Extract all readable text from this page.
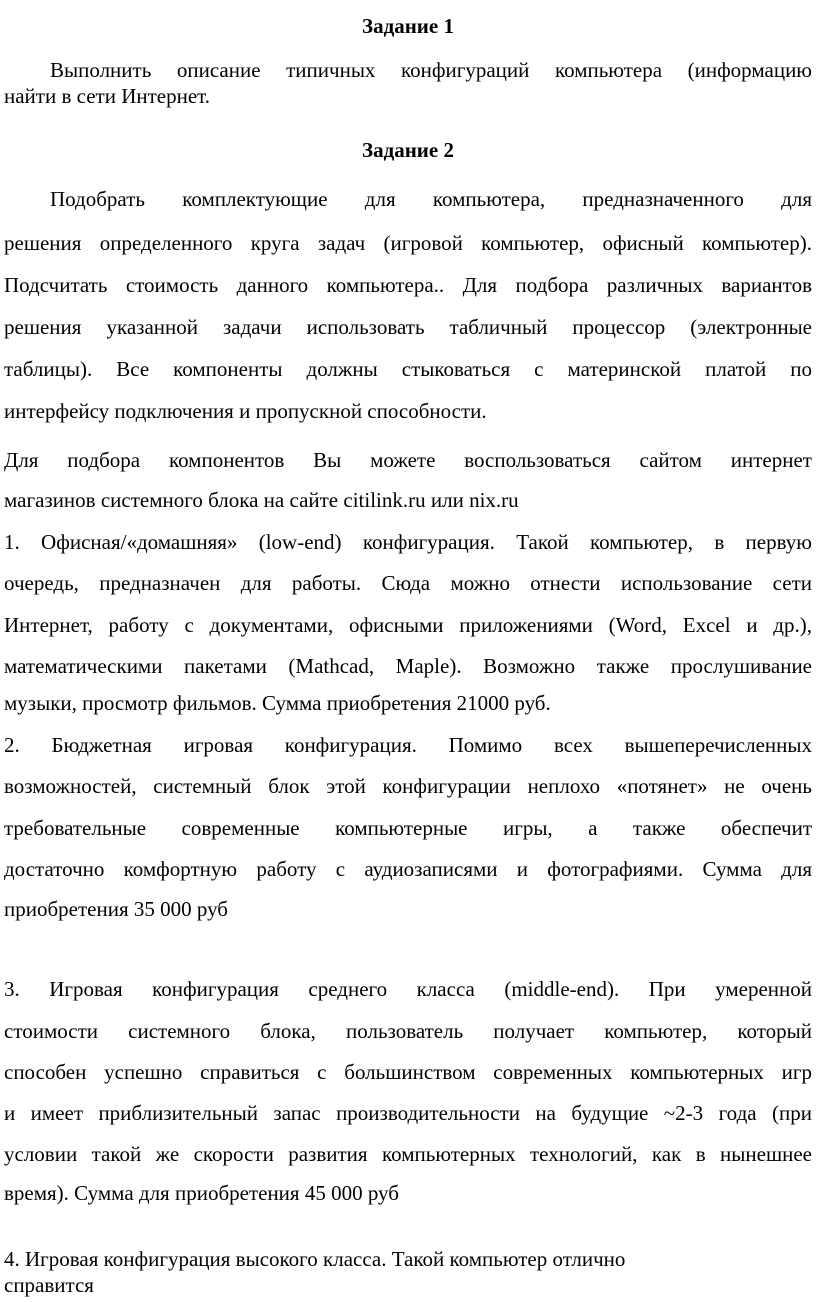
Задание 1
Выполнить описание типичных конфигураций компьютера (информацию
найти в сети Интернет.
Задание 2
Подобрать комплектующие для компьютера, предназначенного для
решения определенного круга задач (игровой компьютер, офисный компьютер).
Подсчитать стоимость данного компьютера.. Для подбора различных вариантов
решения указанной задачи использовать табличный процессор (электронные
таблицы). Все компоненты должны стыковаться с материнской платой по
интерфейсу подключения и пропускной способности.
Для подбора компонентов Вы можете воспользоваться сайтом интернет
магазинов системного блока на сайте citilink.ru или nix.ru
1. Офисная/«домашняя» (low-end) конфигурация. Такой компьютер, в первую
очередь, предназначен для работы. Сюда можно отнести использование сети
Интернет, работу с документами, офисными приложениями (Word, Excel и др.),
математическими пакетами (Mathcad, Maple). Возможно также прослушивание
музыки, просмотр фильмов. Сумма приобретения 21000 руб.
2. Бюджетная игровая конфигурация. Помимо всех вышеперечисленных
возможностей, системный блок этой конфигурации неплохо «потянет» не очень
требовательные современные компьютерные игры, а также обеспечит
достаточно комфортную работу с аудиозаписями и фотографиями. Сумма для
приобретения 35 000 руб
3. Игровая конфигурация среднего класса (middle-end). При умеренной
стоимости системного блока, пользователь получает компьютер, который
способен успешно справиться с большинством современных компьютерных игр
и имеет приблизительный запас производительности на будущие ~2-3 года (при
условии такой же скорости развития компьютерных технологий, как в нынешнее
время). Сумма для приобретения 45 000 руб
4. Игровая конфигурация высокого класса. Такой компьютер отлично
справится
